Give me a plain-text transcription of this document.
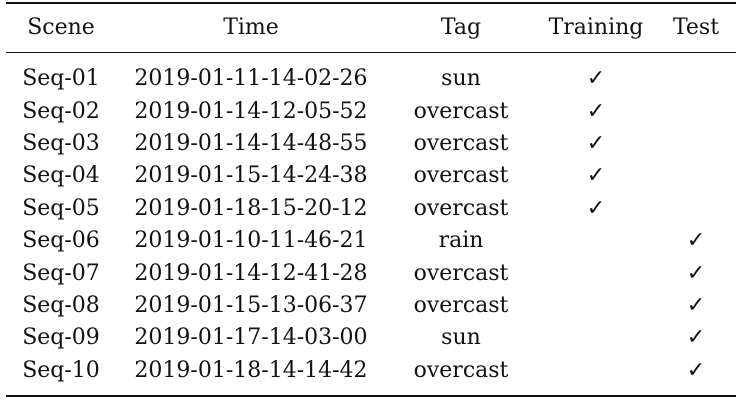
Scene	Time	Tag	Training	Test
Seq-01	2019-01-11-14-02-26	sun	✓	
Seq-02	2019-01-14-12-05-52	overcast	✓	
Seq-03	2019-01-14-14-48-55	overcast	✓	
Seq-04	2019-01-15-14-24-38	overcast	✓	
Seq-05	2019-01-18-15-20-12	overcast	✓	
Seq-06	2019-01-10-11-46-21	rain		✓
Seq-07	2019-01-14-12-41-28	overcast		✓
Seq-08	2019-01-15-13-06-37	overcast		✓
Seq-09	2019-01-17-14-03-00	sun		✓
Seq-10	2019-01-18-14-14-42	overcast		✓
